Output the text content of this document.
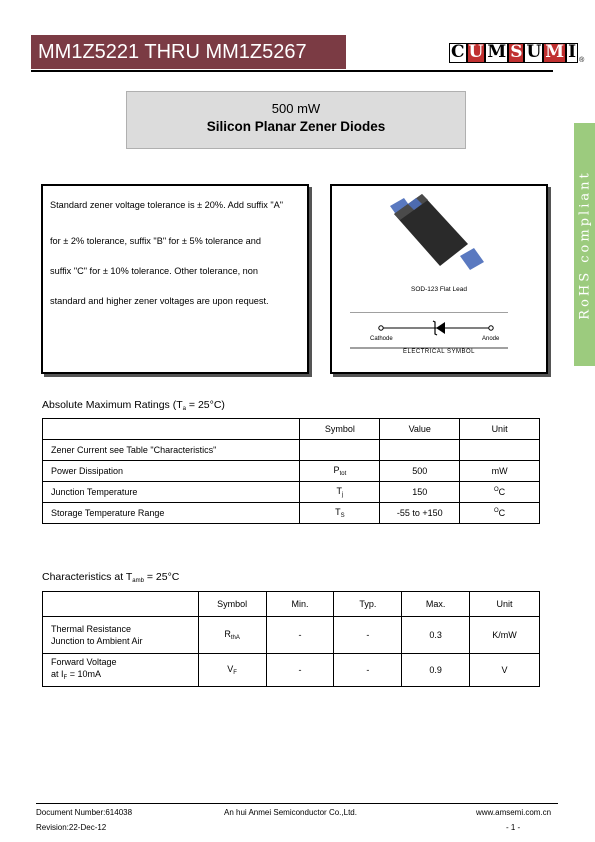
MM1Z5221 THRU MM1Z5267	C U M S U M I ®
500 mW
Silicon Planar Zener Diodes
RoHS compliant
Standard zener voltage tolerance is ± 20%. Add suffix "A"
for ± 2% tolerance, suffix "B" for ± 5% tolerance and
suffix "C" for ± 10% tolerance. Other tolerance, non
standard and higher zener voltages are upon request.
SOD-123 Flat Lead
Cathode	Anode
ELECTRICAL SYMBOL
Absolute Maximum Ratings (Ta = 25°C)
	Symbol	Value	Unit
Zener Current see Table "Characteristics"			
Power Dissipation	$P_{tot}$	500	mW
Junction Temperature	$T_j$	150	$^O$C
Storage Temperature Range	$T_S$	-55 to +150	$^O$C
Characteristics at Tamb = 25°C
	Symbol	Min.	Typ.	Max.	Unit

Thermal Resistance
Junction to Ambient Air	$R_{thA}$	-	-	0.3	K/mW

Forward Voltage
at $I_F = 10mA$	$V_F$	-	-	0.9	V
Document Number:614038
Revision:22-Dec-12
An hui Anmei Semiconductor Co.,Ltd.	www.amsemi.com.cn
- 1 -
